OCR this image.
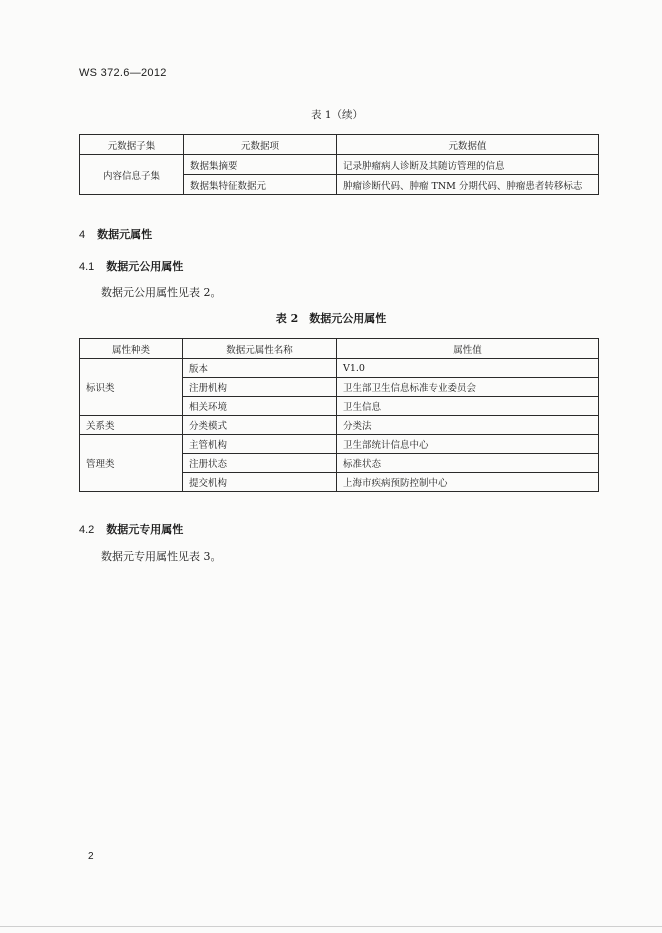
WS 372.6—2012
表 1（续）
元数据子集	元数据项	元数据值
内容信息子集	数据集摘要	记录肿瘤病人诊断及其随访管理的信息
	数据集特征数据元	肿瘤诊断代码、肿瘤 TNM 分期代码、肿瘤患者转移标志
4 数据元属性
4.1 数据元公用属性
数据元公用属性见表 2。
表 2　数据元公用属性
属性种类	数据元属性名称	属性值
标识类	版本	V1.0
	注册机构	卫生部卫生信息标准专业委员会
	相关环境	卫生信息
关系类	分类模式	分类法
管理类	主管机构	卫生部统计信息中心
	注册状态	标准状态
	提交机构	上海市疾病预防控制中心
4.2 数据元专用属性
数据元专用属性见表 3。
2
